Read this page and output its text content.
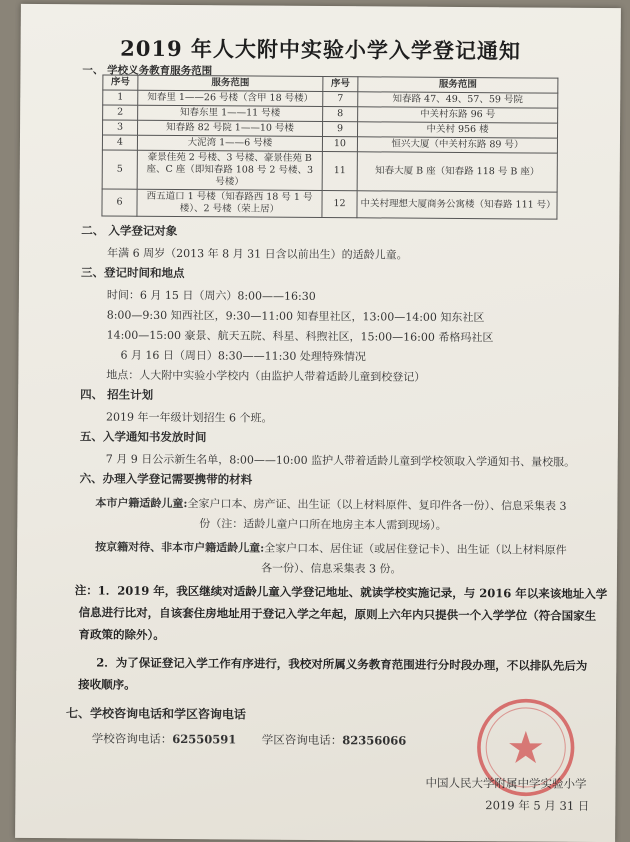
2019 年人大附中实验小学入学登记通知
一、 学校义务教育服务范围
序号	服务范围	序号	服务范围
1	知春里 1——26 号楼（含甲 18 号楼）	7	知春路 47、49、57、59 号院
2	知春东里 1——11 号楼	8	中关村东路 96 号
3	知春路 82 号院 1——10 号楼	9	中关村 956 楼
4	大泥湾 1——6 号楼	10	恒兴大厦（中关村东路 89 号）
5	豪景佳苑 2 号楼、3 号楼、豪景佳苑 B 座、C 座（即知春路 108 号 2 号楼、3 号楼）	11	知春大厦 B 座（知春路 118 号 B 座）
6	西五道口 1 号楼（知春路西 18 号 1 号楼）、2 号楼（荣上居）	12	中关村理想大厦商务公寓楼（知春路 111 号）
二、 入学登记对象
年满 6 周岁（2013 年 8 月 31 日含以前出生）的适龄儿童。
三、登记时间和地点
时间：6 月 15 日（周六）8:00——16:30
8:00—9:30 知西社区，9:30—11:00 知春里社区，13:00—14:00 知东社区
14:00—15:00 豪景、航天五院、科星、科煦社区，15:00—16:00 希格玛社区
6 月 16 日（周日）8:30——11:30 处理特殊情况
地点：人大附中实验小学校内（由监护人带着适龄儿童到校登记）
四、 招生计划
2019 年一年级计划招生 6 个班。
五、入学通知书发放时间
7 月 9 日公示新生名单，8:00——10:00 监护人带着适龄儿童到学校领取入学通知书、量校服。
六、办理入学登记需要携带的材料
本市户籍适龄儿童:全家户口本、房产证、出生证（以上材料原件、复印件各一份）、信息采集表 3
份（注：适龄儿童户口所在地房主本人需到现场）。
按京籍对待、非本市户籍适龄儿童:全家户口本、居住证（或居住登记卡）、出生证（以上材料原件
各一份）、信息采集表 3 份。
注：1．2019 年，我区继续对适龄儿童入学登记地址、就读学校实施记录，与 2016 年以来该地址入学
信息进行比对，自该套住房地址用于登记入学之年起，原则上六年内只提供一个入学学位（符合国家生
育政策的除外）。
2．为了保证登记入学工作有序进行，我校对所属义务教育范围进行分时段办理，不以排队先后为
接收顺序。
七、学校咨询电话和学区咨询电话
学校咨询电话：62550591 学区咨询电话：82356066
中国人民大学附属中学实验小学
2019 年 5 月 31 日
